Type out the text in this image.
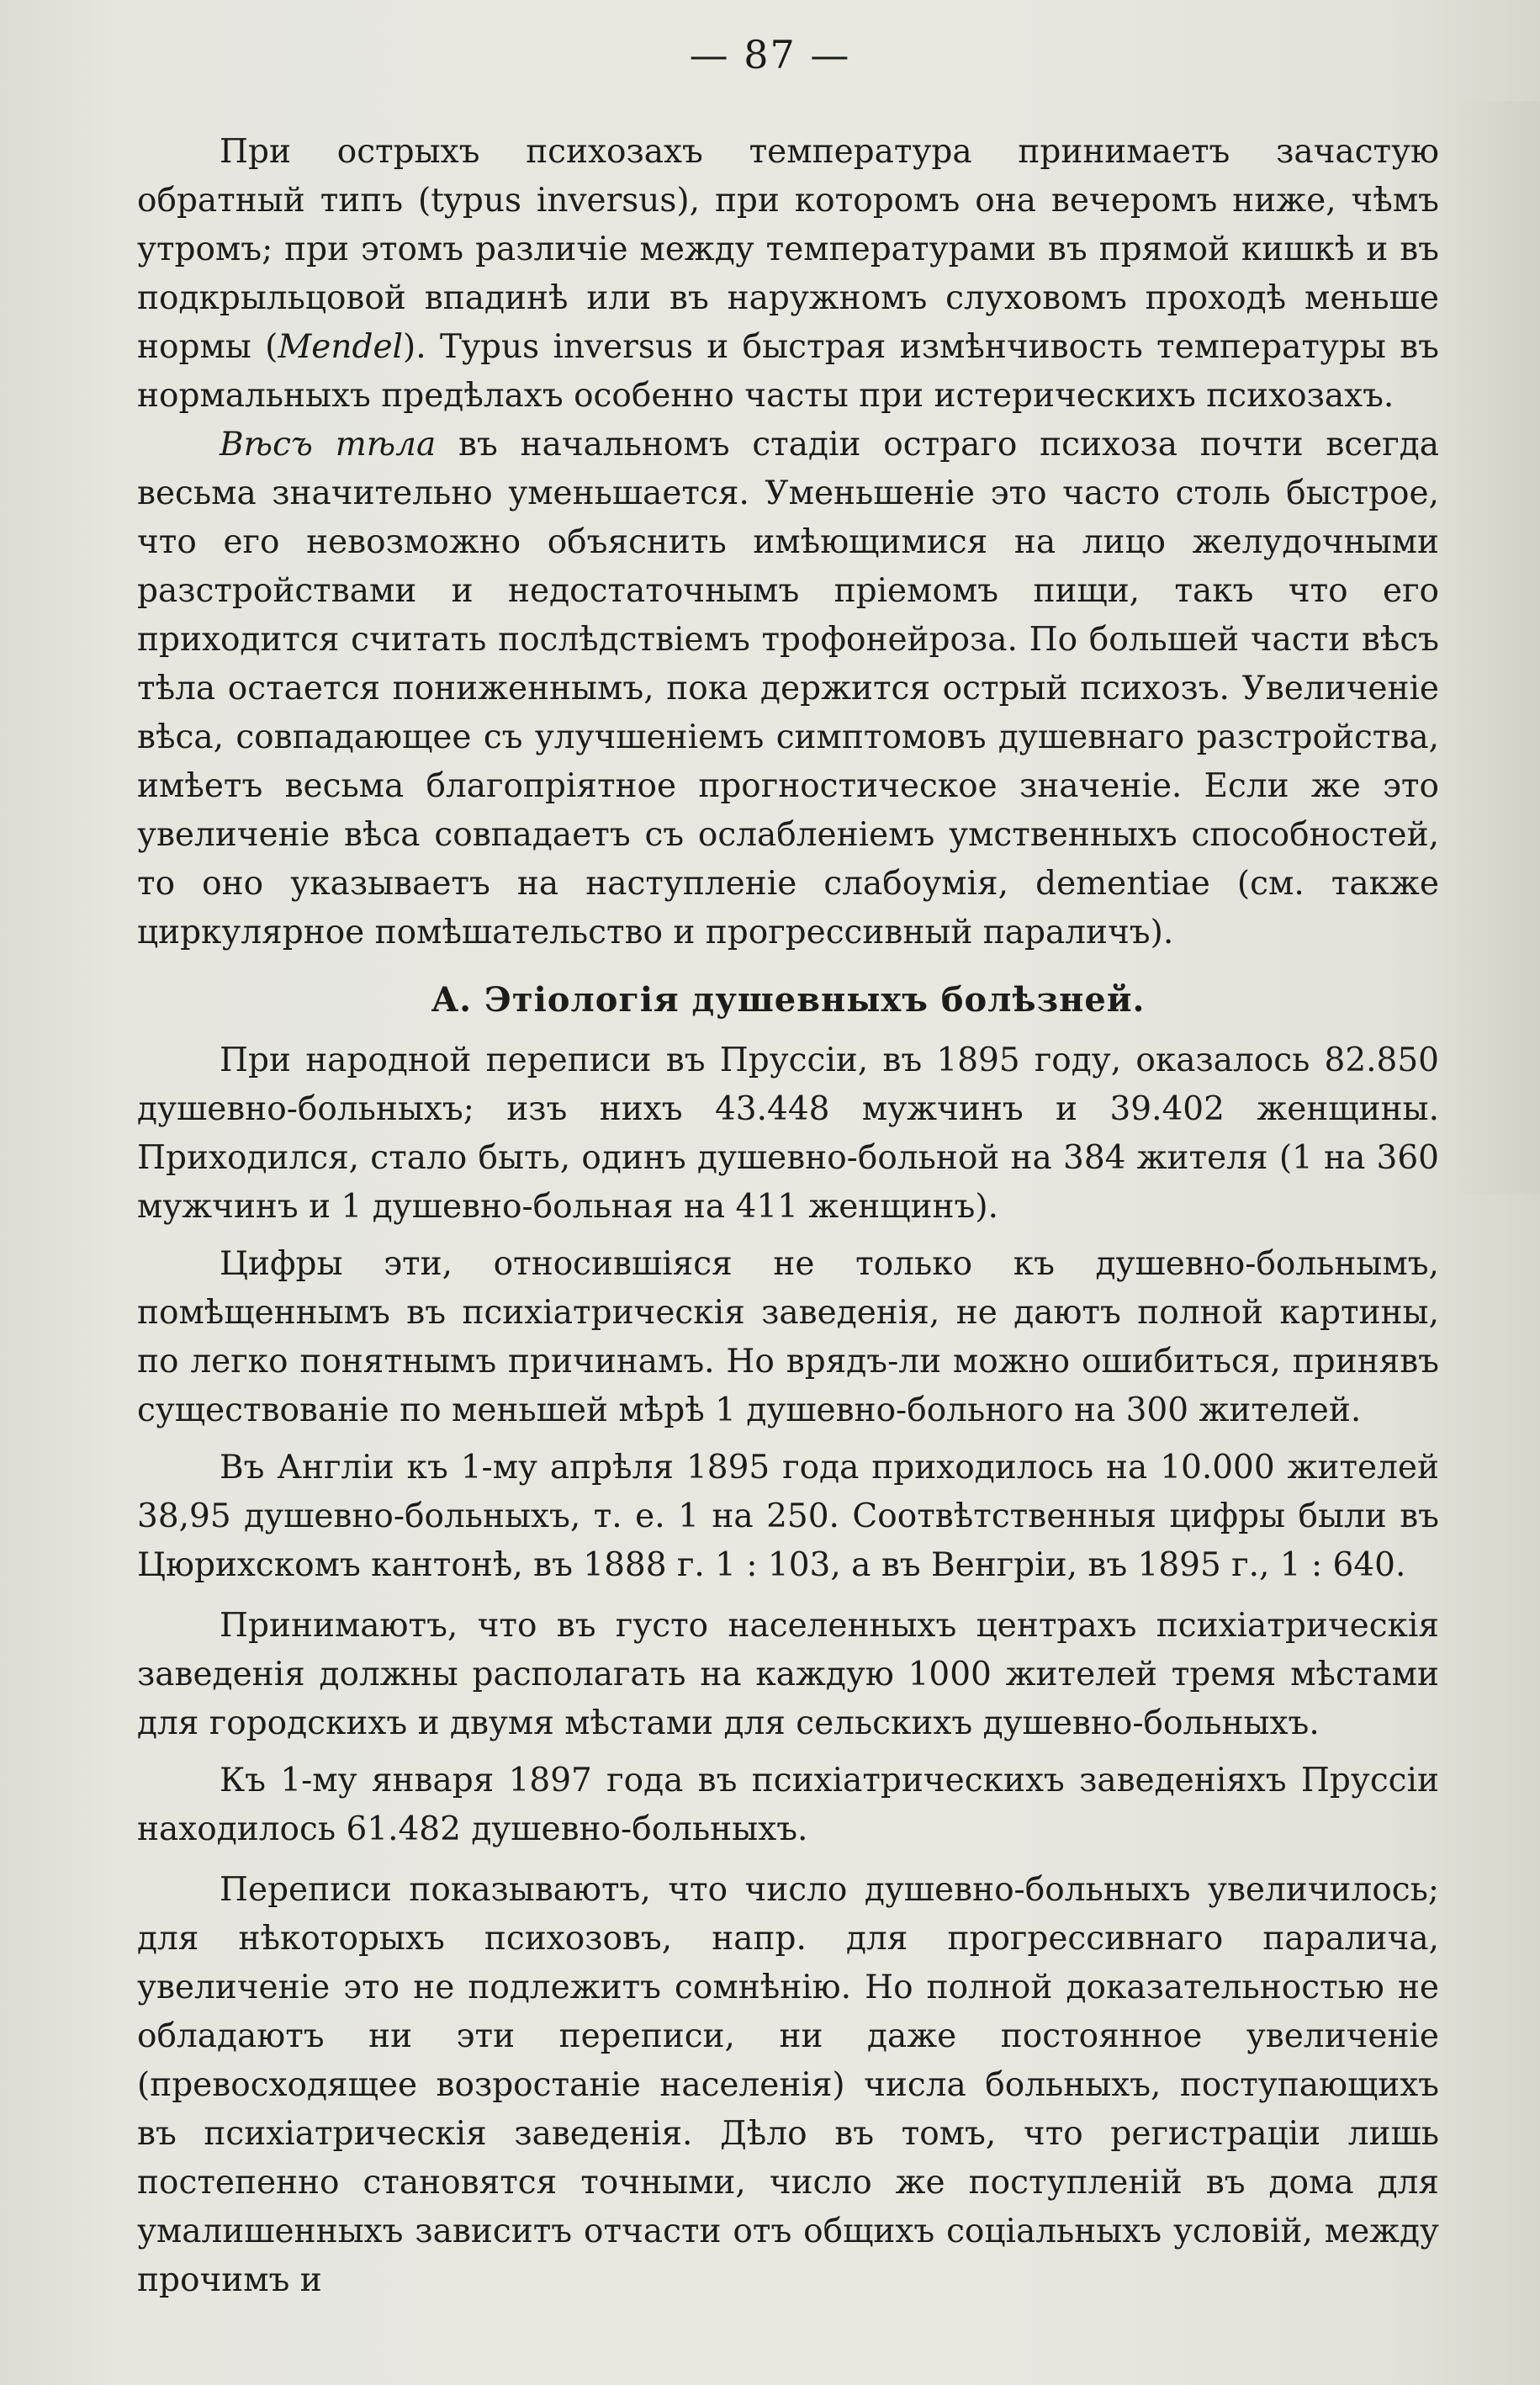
— 87 —

При острыхъ психозахъ температура принимаетъ зачастую обратный типъ (typus inversus), при которомъ она вечеромъ ниже, чѣмъ утромъ; при этомъ различіе между температурами въ прямой кишкѣ и въ подкрыльцовой впадинѣ или въ наружномъ слуховомъ проходѣ меньше нормы (Mendel). Typus inversus и быстрая измѣнчивость температуры въ нормальныхъ предѣлахъ особенно часты при истерическихъ психозахъ.

Вѣсъ тѣла въ начальномъ стадіи остраго психоза почти всегда весьма значительно уменьшается. Уменьшеніе это часто столь быстрое, что его невозможно объяснить имѣющимися на лицо желудочными разстройствами и недостаточнымъ пріемомъ пищи, такъ что его приходится считать послѣдствіемъ трофонейроза. По большей части вѣсъ тѣла остается пониженнымъ, пока держится острый психозъ. Увеличеніе вѣса, совпадающее съ улучшеніемъ симптомовъ душевнаго разстройства, имѣетъ весьма благопріятное прогностическое значеніе. Если же это увеличеніе вѣса совпадаетъ съ ослабленіемъ умственныхъ способностей, то оно указываетъ на наступленіе слабоумія, dementiae (см. также циркулярное помѣшательство и прогрессивный параличъ).

А. Этіологія душевныхъ болѣзней.

При народной переписи въ Пруссіи, въ 1895 году, оказалось 82.850 душевно-больныхъ; изъ нихъ 43.448 мужчинъ и 39.402 женщины. Приходился, стало быть, одинъ душевно-больной на 384 жителя (1 на 360 мужчинъ и 1 душевно-больная на 411 женщинъ).

Цифры эти, относившіяся не только къ душевно-больнымъ, помѣщеннымъ въ психіатрическія заведенія, не даютъ полной картины, по легко понятнымъ причинамъ. Но врядъ-ли можно ошибиться, принявъ существованіе по меньшей мѣрѣ 1 душевно-больного на 300 жителей.

Въ Англіи къ 1-му апрѣля 1895 года приходилось на 10.000 жителей 38,95 душевно-больныхъ, т. е. 1 на 250. Соотвѣтственныя цифры были въ Цюрихскомъ кантонѣ, въ 1888 г. 1 : 103, а въ Венгріи, въ 1895 г., 1 : 640.

Принимаютъ, что въ густо населенныхъ центрахъ психіатрическія заведенія должны располагать на каждую 1000 жителей тремя мѣстами для городскихъ и двумя мѣстами для сельскихъ душевно-больныхъ.

Къ 1-му января 1897 года въ психіатрическихъ заведеніяхъ Пруссіи находилось 61.482 душевно-больныхъ.

Переписи показываютъ, что число душевно-больныхъ увеличилось; для нѣкоторыхъ психозовъ, напр. для прогрессивнаго паралича, увеличеніе это не подлежитъ сомнѣнію. Но полной доказательностью не обладаютъ ни эти переписи, ни даже постоянное увеличеніе (превосходящее возростаніе населенія) числа больныхъ, поступающихъ въ психіатрическія заведенія. Дѣло въ томъ, что регистраціи лишь постепенно становятся точными, число же поступленій въ дома для умалишенныхъ зависитъ отчасти отъ общихъ соціальныхъ условій, между прочимъ и
